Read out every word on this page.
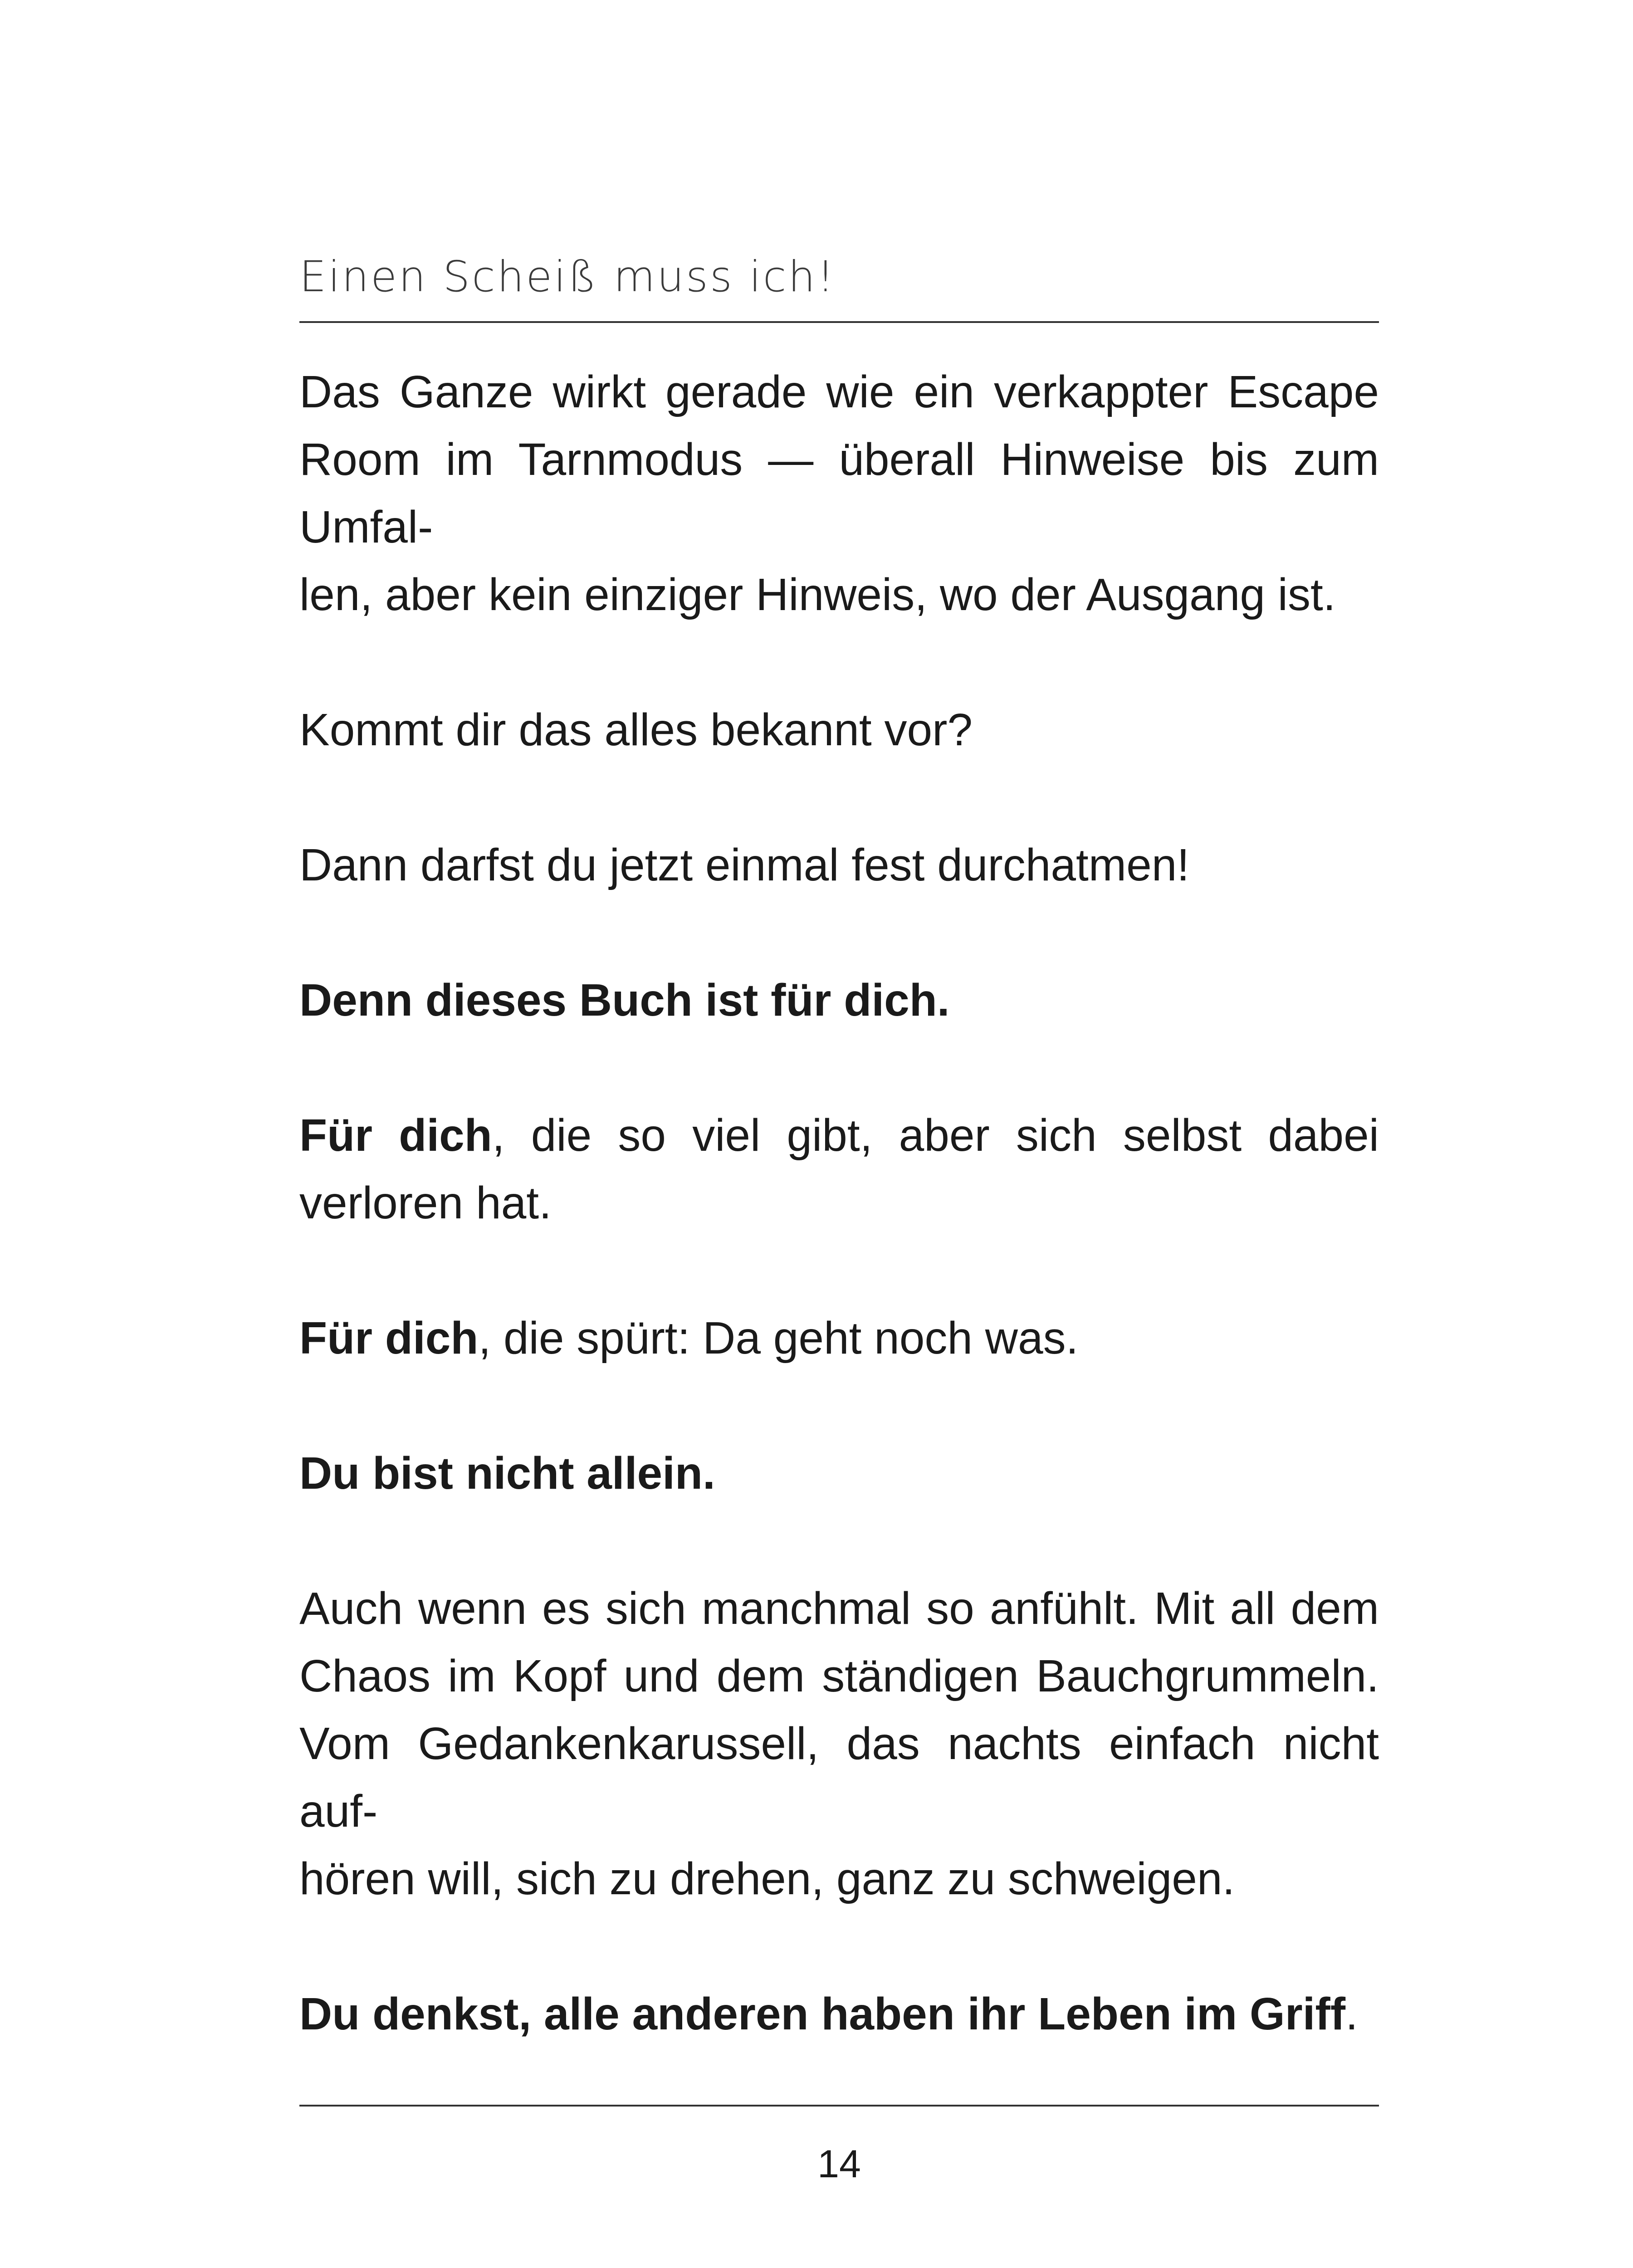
Einen Scheiß muss ich!

Das Ganze wirkt gerade wie ein verkappter Escape
Room im Tarnmodus — überall Hinweise bis zum Umfal-
len, aber kein einziger Hinweis, wo der Ausgang ist.

Kommt dir das alles bekannt vor?

Dann darfst du jetzt einmal fest durchatmen!

Denn dieses Buch ist für dich.

Für dich, die so viel gibt, aber sich selbst dabei
verloren hat.

Für dich, die spürt: Da geht noch was.

Du bist nicht allein.

Auch wenn es sich manchmal so anfühlt. Mit all dem
Chaos im Kopf und dem ständigen Bauchgrummeln.
Vom Gedankenkarussell, das nachts einfach nicht auf-
hören will, sich zu drehen, ganz zu schweigen.

Du denkst, alle anderen haben ihr Leben im Griff.

14
